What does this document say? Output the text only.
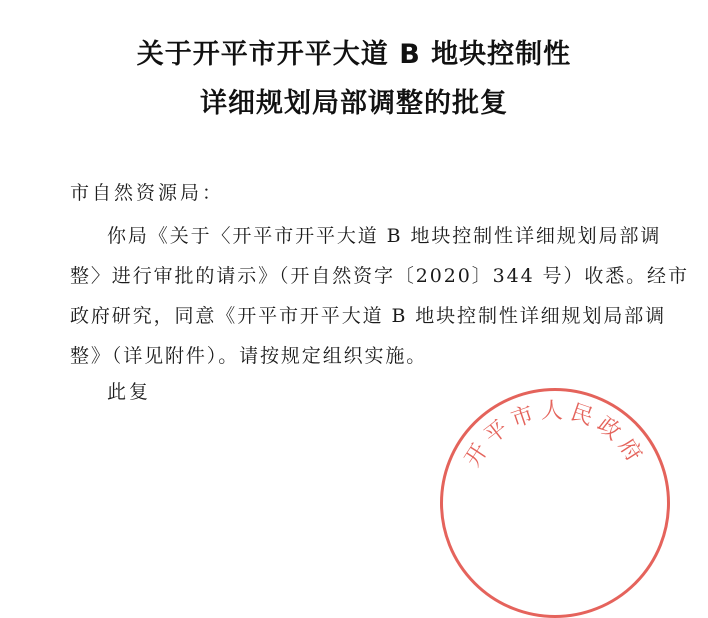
关于开平市开平大道 B 地块控制性
详细规划局部调整的批复
市自然资源局：
你局《关于〈开平市开平大道 B 地块控制性详细规划局部调
整〉进行审批的请示》（开自然资字〔2020〕344 号）收悉。经市
政府研究，同意《开平市开平大道 B 地块控制性详细规划局部调
整》（详见附件）。请按规定组织实施。
此复
开平市人民政府
